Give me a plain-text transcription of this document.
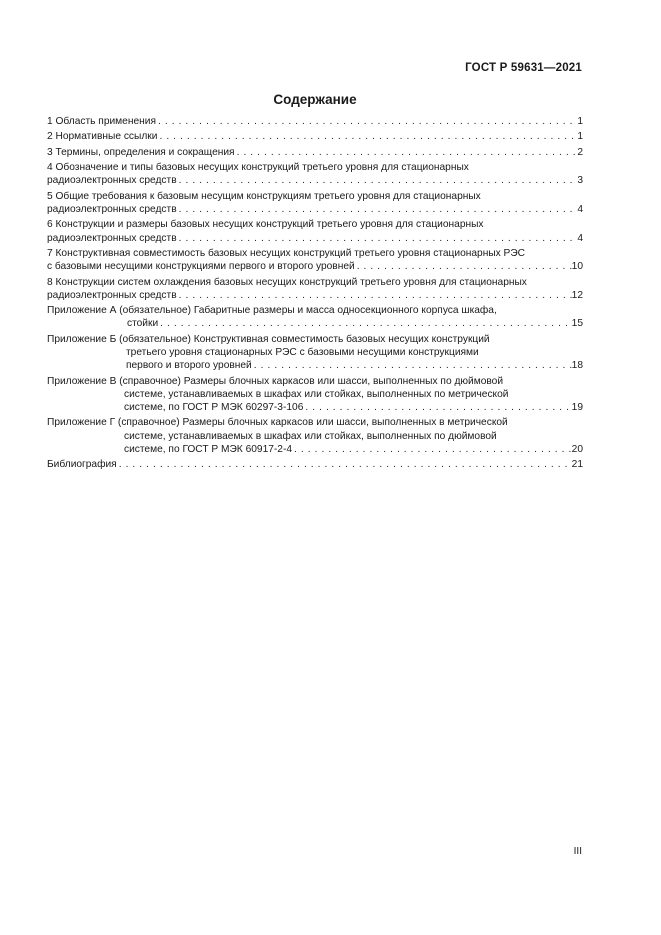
ГОСТ Р 59631—2021
Содержание
1 Область применения . . .	1
2 Нормативные ссылки . . .	1
3 Термины, определения и сокращения . . .	2
4 Обозначение и типы базовых несущих конструкций третьего уровня для стационарных
радиоэлектронных средств . . .	3
5 Общие требования к базовым несущим конструкциям третьего уровня для стационарных
радиоэлектронных средств . . .	4
6 Конструкции и размеры базовых несущих конструкций третьего уровня для стационарных
радиоэлектронных средств . . .	4
7 Конструктивная совместимость базовых несущих конструкций третьего уровня стационарных РЭС
с базовыми несущими конструкциями первого и второго уровней . . .	10
8 Конструкции систем охлаждения базовых несущих конструкций третьего уровня для стационарных
радиоэлектронных средств . . .	12
Приложение А (обязательное) Габаритные размеры и масса односекционного корпуса шкафа,
стойки . . .	15
Приложение Б (обязательное) Конструктивная совместимость базовых несущих конструкций
третьего уровня стационарных РЭС с базовыми несущими конструкциями
первого и второго уровней . . .	18
Приложение В (справочное) Размеры блочных каркасов или шасси, выполненных по дюймовой
системе, устанавливаемых в шкафах или стойках, выполненных по метрической
системе, по ГОСТ Р МЭК 60297-3-106 . . .	19
Приложение Г (справочное) Размеры блочных каркасов или шасси, выполненных в метрической
системе, устанавливаемых в шкафах или стойках, выполненных по дюймовой
системе, по ГОСТ Р МЭК 60917-2-4 . . .	20
Библиография . . .	21
III
